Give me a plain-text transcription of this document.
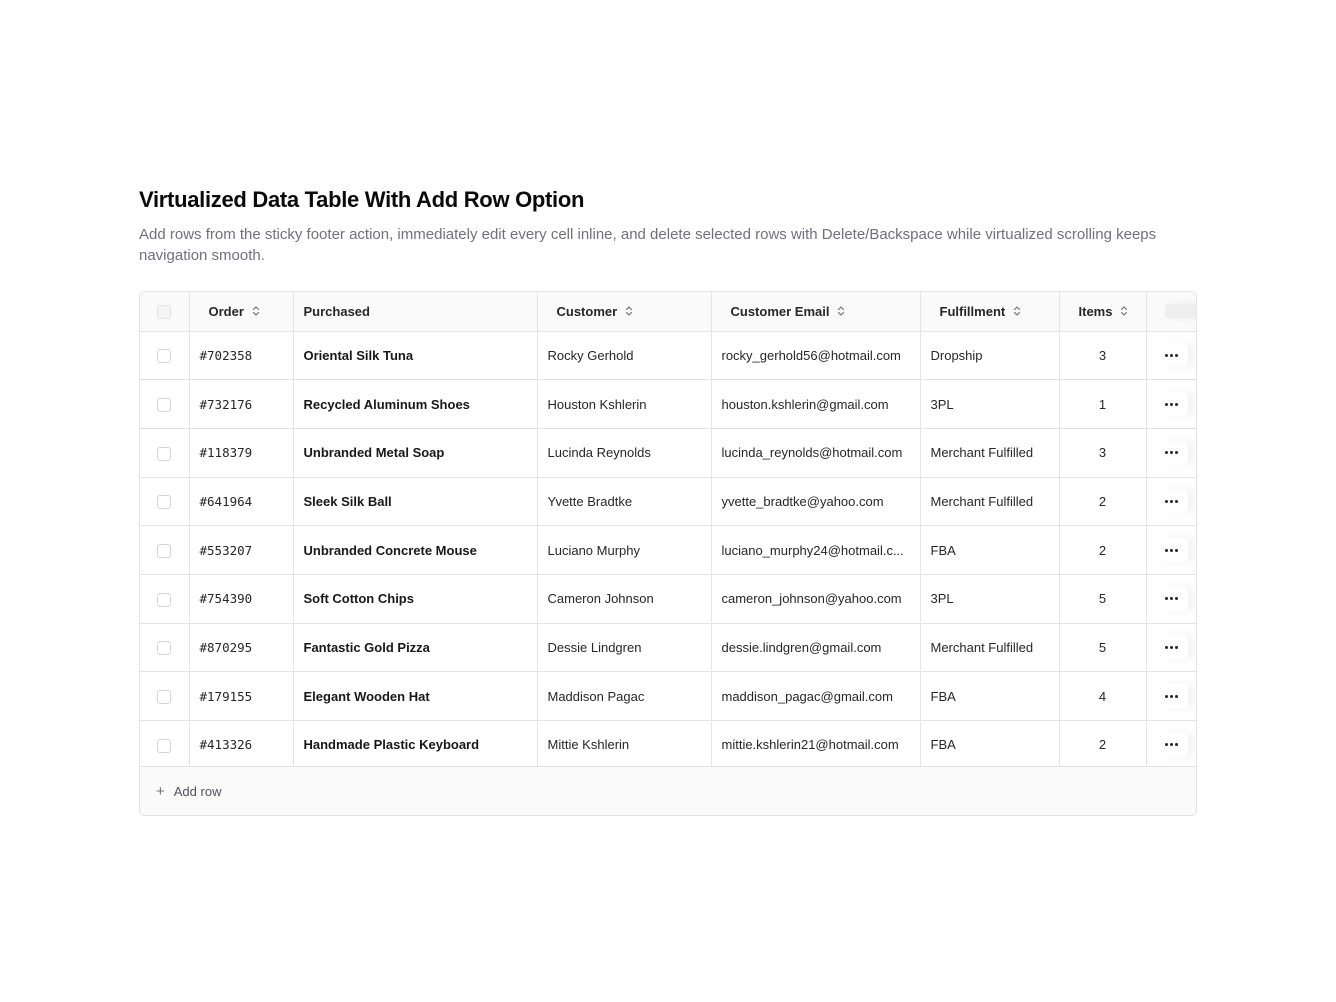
Virtualized Data Table With Add Row Option

Add rows from the sticky footer action, immediately edit every cell inline, and delete selected rows with Delete/Backspace while virtualized scrolling keeps navigation smooth.

	Order	Purchased	Customer	Customer Email	Fulfillment	Items	

	#702358	Oriental Silk Tuna	Rocky Gerhold	rocky_gerhold56@hotmail.com	Dropship	3	

	#732176	Recycled Aluminum Shoes	Houston Kshlerin	houston.kshlerin@gmail.com	3PL	1	

	#118379	Unbranded Metal Soap	Lucinda Reynolds	lucinda_reynolds@hotmail.com	Merchant Fulfilled	3	

	#641964	Sleek Silk Ball	Yvette Bradtke	yvette_bradtke@yahoo.com	Merchant Fulfilled	2	

	#553207	Unbranded Concrete Mouse	Luciano Murphy	luciano_murphy24@hotmail.c...	FBA	2	

	#754390	Soft Cotton Chips	Cameron Johnson	cameron_johnson@yahoo.com	3PL	5	

	#870295	Fantastic Gold Pizza	Dessie Lindgren	dessie.lindgren@gmail.com	Merchant Fulfilled	5	

	#179155	Elegant Wooden Hat	Maddison Pagac	maddison_pagac@gmail.com	FBA	4	

	#413326	Handmade Plastic Keyboard	Mittie Kshlerin	mittie.kshlerin21@hotmail.com	FBA	2	
+ Add row
